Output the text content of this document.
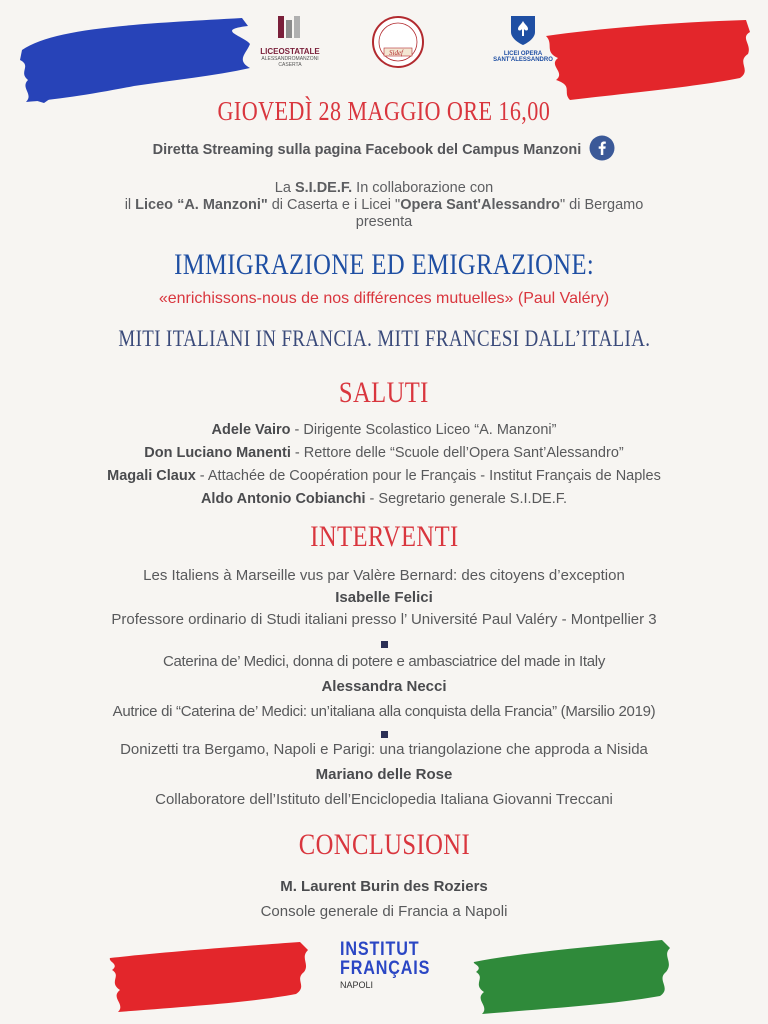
LICEOSTATALE
ALESSANDROMANZONI
CASERTA
Sidef	LICEI OPERA
SANT'ALESSANDRO
GIOVEDÌ 28 MAGGIO ORE 16,00
Diretta Streaming sulla pagina Facebook del Campus Manzoni
La S.I.DE.F. In collaborazione con
il Liceo “A. Manzoni" di Caserta e i Licei "Opera Sant'Alessandro" di Bergamo
presenta
IMMIGRAZIONE ED EMIGRAZIONE:
«enrichissons-nous de nos différences mutuelles» (Paul Valéry)
MITI ITALIANI IN FRANCIA. MITI FRANCESI DALL’ITALIA.
SALUTI
Adele Vairo - Dirigente Scolastico Liceo “A. Manzoni”
Don Luciano Manenti - Rettore delle “Scuole dell’Opera Sant’Alessandro”
Magali Claux - Attachée de Coopération pour le Français - Institut Français de Naples
Aldo Antonio Cobianchi - Segretario generale S.I.DE.F.
INTERVENTI
Les Italiens à Marseille vus par Valère Bernard: des citoyens d’exception
Isabelle Felici
Professore ordinario di Studi italiani presso l’ Université Paul Valéry - Montpellier 3
Caterina de’ Medici, donna di potere e ambasciatrice del made in Italy
Alessandra Necci
Autrice di “Caterina de’ Medici: un’italiana alla conquista della Francia” (Marsilio 2019)
Donizetti tra Bergamo, Napoli e Parigi: una triangolazione che approda a Nisida
Mariano delle Rose
Collaboratore dell’Istituto dell’Enciclopedia Italiana Giovanni Treccani
CONCLUSIONI
M. Laurent Burin des Roziers
Console generale di Francia a Napoli
INSTITUT
FRANÇAIS
NAPOLI
